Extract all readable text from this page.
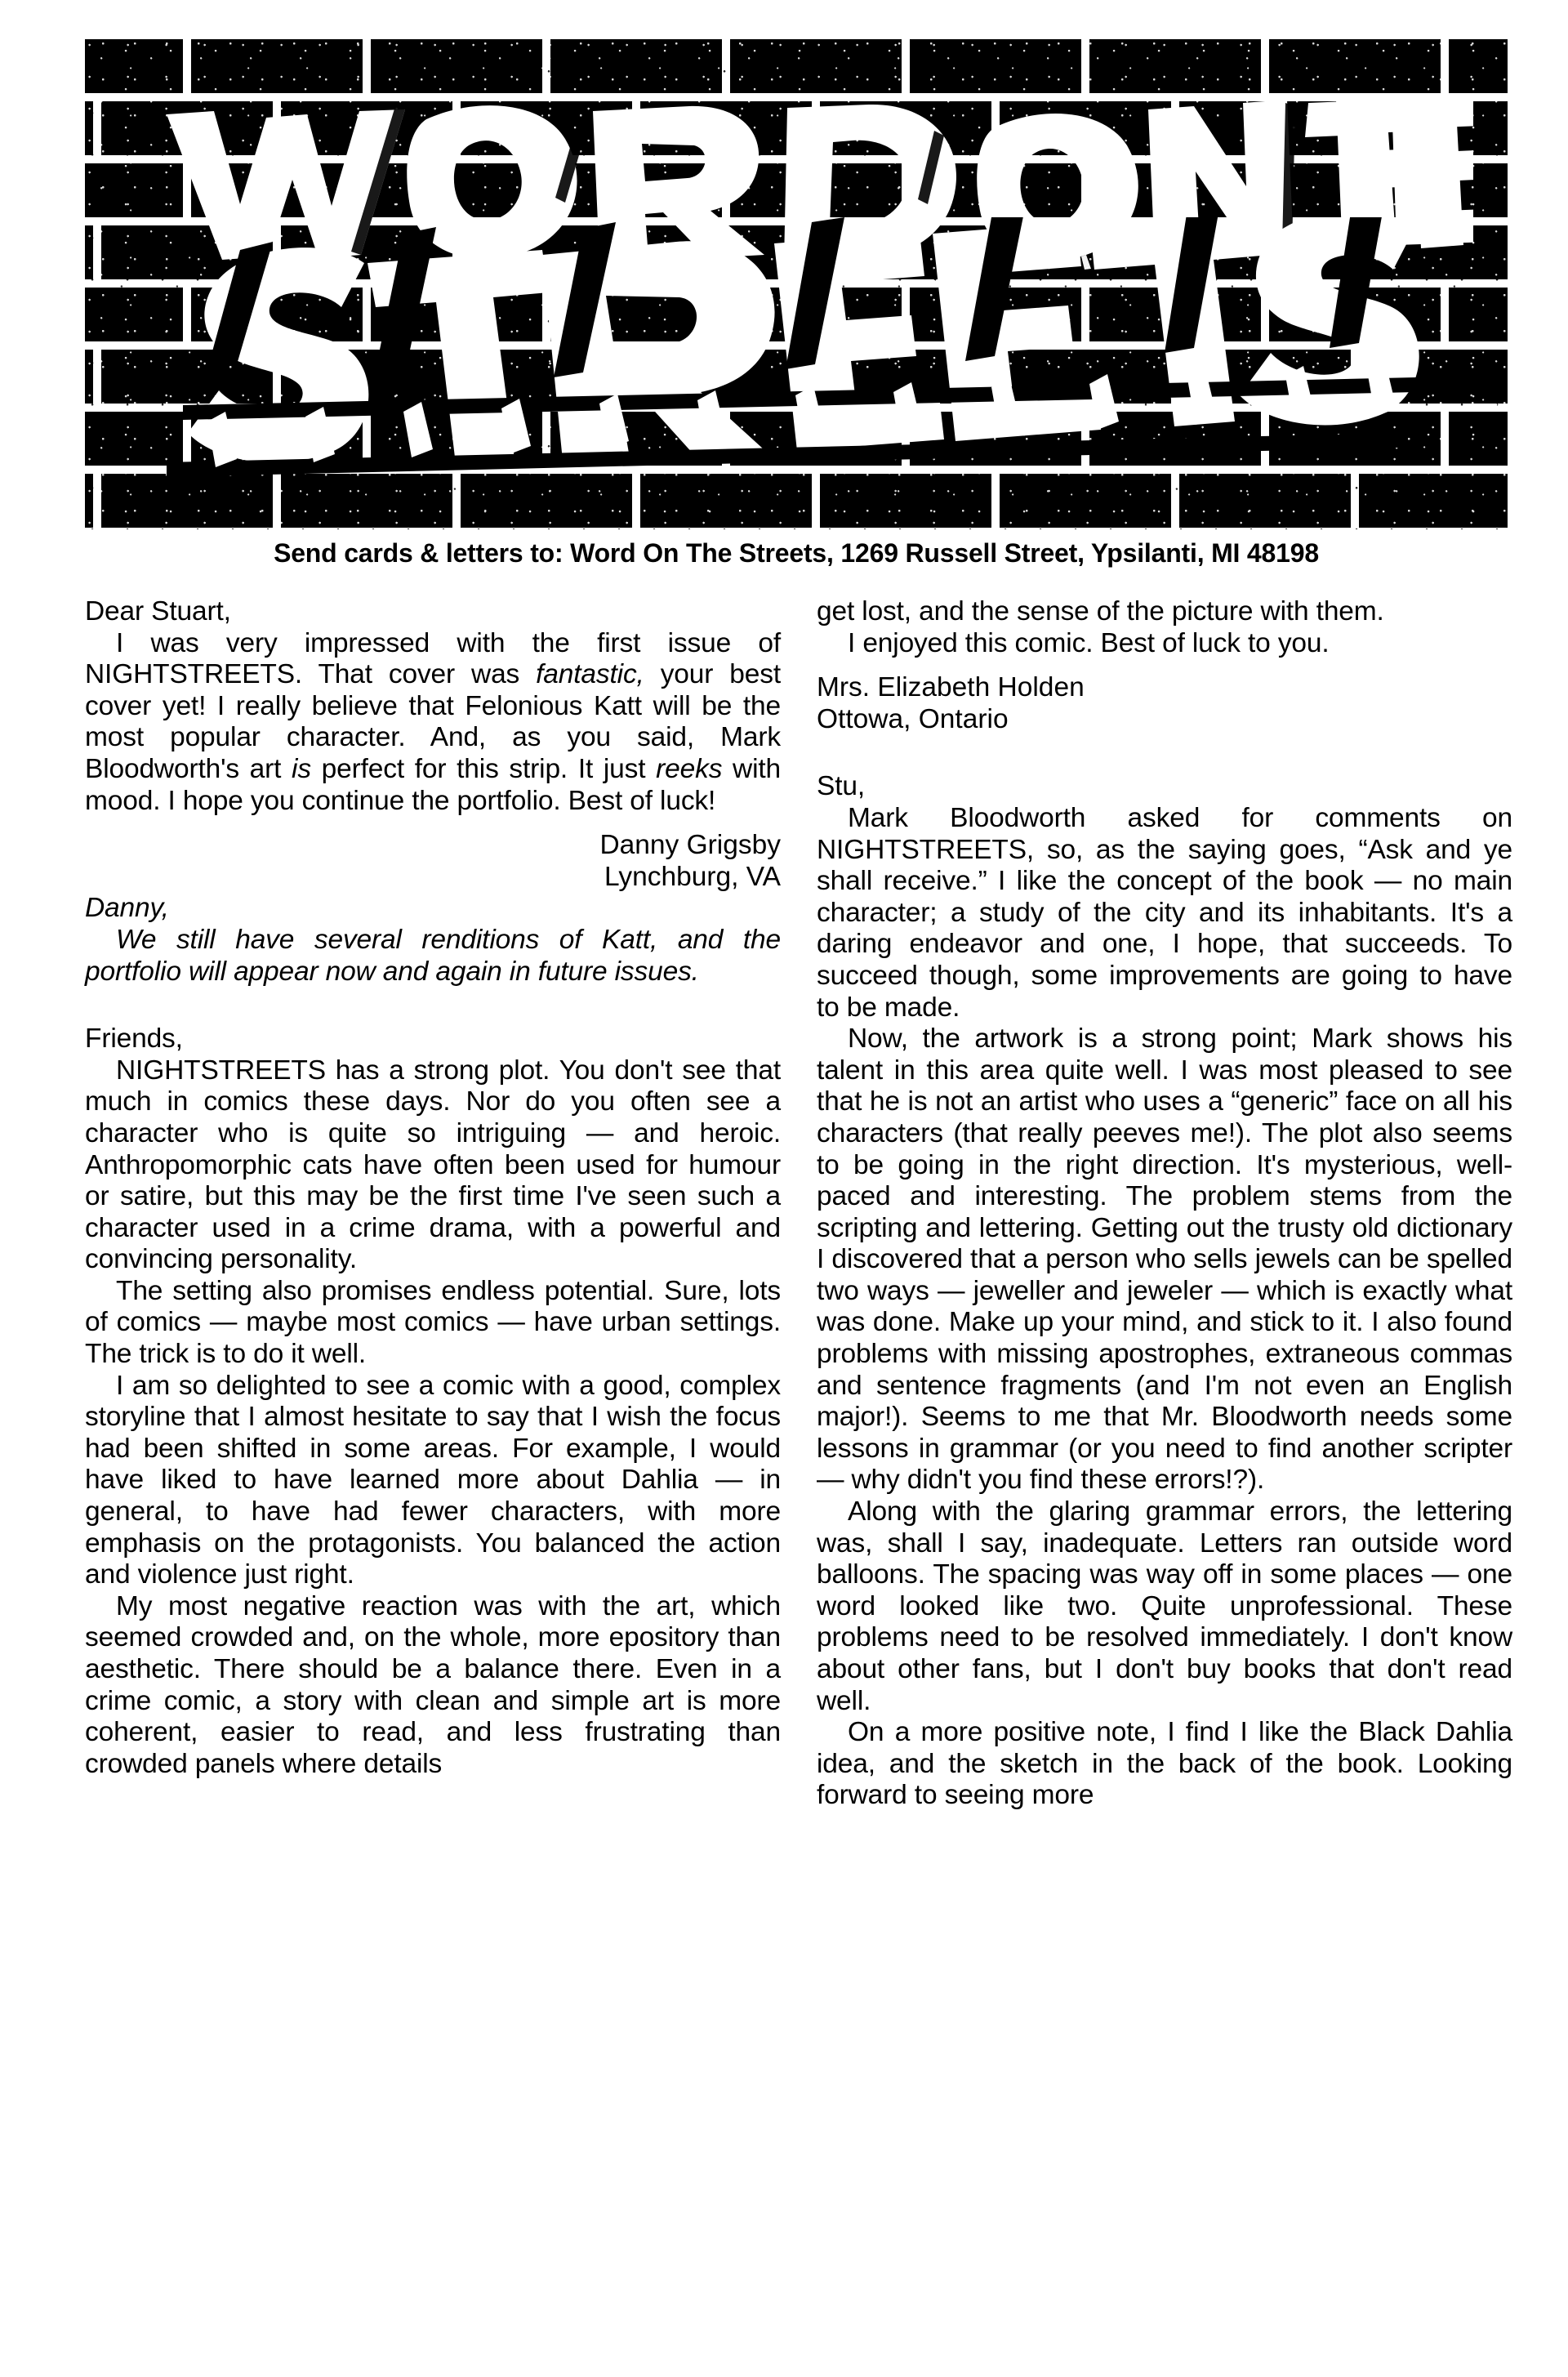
Send cards & letters to: Word On The Streets, 1269 Russell Street, Ypsilanti, MI 48198

Dear Stuart,

I was very impressed with the first issue of NIGHTSTREETS. That cover was fantastic, your best cover yet! I really believe that Felonious Katt will be the most popular character. And, as you said, Mark Bloodworth's art is perfect for this strip. It just reeks with mood. I hope you continue the portfolio. Best of luck!

Danny Grigsby

Lynchburg, VA

Danny,

We still have several renditions of Katt, and the portfolio will appear now and again in future issues.

Friends,

NIGHTSTREETS has a strong plot. You don't see that much in comics these days. Nor do you often see a character who is quite so intriguing — and heroic. Anthropomorphic cats have often been used for humour or satire, but this may be the first time I've seen such a character used in a crime drama, with a powerful and convincing personality.

The setting also promises endless potential. Sure, lots of comics — maybe most comics — have urban settings. The trick is to do it well.

I am so delighted to see a comic with a good, complex storyline that I almost hesitate to say that I wish the focus had been shifted in some areas. For example, I would have liked to have learned more about Dahlia — in general, to have had fewer characters, with more emphasis on the protagonists. You balanced the action and violence just right.

My most negative reaction was with the art, which seemed crowded and, on the whole, more epository than aesthetic. There should be a balance there. Even in a crime comic, a story with clean and simple art is more coherent, easier to read, and less frustrating than crowded panels where details

get lost, and the sense of the picture with them.

I enjoyed this comic. Best of luck to you.

Mrs. Elizabeth Holden

Ottowa, Ontario

Stu,

Mark Bloodworth asked for comments on NIGHTSTREETS, so, as the saying goes, “Ask and ye shall receive.” I like the concept of the book — no main character; a study of the city and its inhabitants. It's a daring endeavor and one, I hope, that succeeds. To succeed though, some improvements are going to have to be made.

Now, the artwork is a strong point; Mark shows his talent in this area quite well. I was most pleased to see that he is not an artist who uses a “generic” face on all his characters (that really peeves me!). The plot also seems to be going in the right direction. It's mysterious, well-paced and interesting. The problem stems from the scripting and lettering. Getting out the trusty old dictionary I discovered that a person who sells jewels can be spelled two ways — jeweller and jeweler — which is exactly what was done. Make up your mind, and stick to it. I also found problems with missing apostrophes, extraneous commas and sentence fragments (and I'm not even an English major!). Seems to me that Mr. Bloodworth needs some lessons in grammar (or you need to find another scripter — why didn't you find these errors!?).

Along with the glaring grammar errors, the lettering was, shall I say, inadequate. Letters ran outside word balloons. The spacing was way off in some places — one word looked like two. Quite unprofessional. These problems need to be resolved immediately. I don't know about other fans, but I don't buy books that don't read well.

On a more positive note, I find I like the Black Dahlia idea, and the sketch in the back of the book. Looking forward to seeing more
